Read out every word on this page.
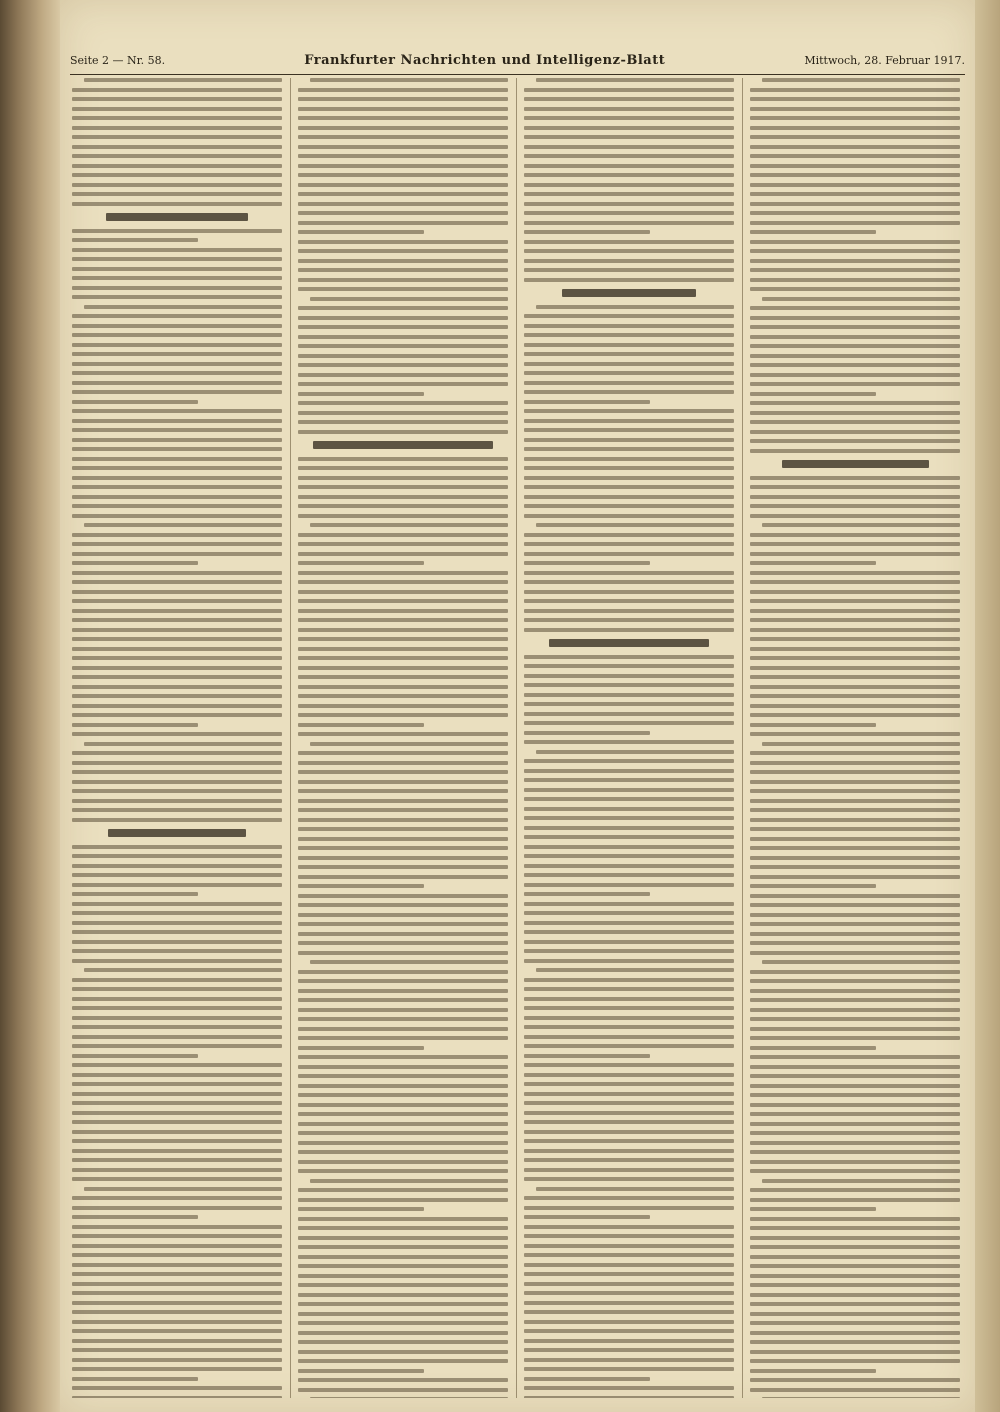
Seite 2 — Nr. 58.	Frankfurter Nachrichten und Intelligenz-Blatt	Mittwoch, 28. Februar 1917.
